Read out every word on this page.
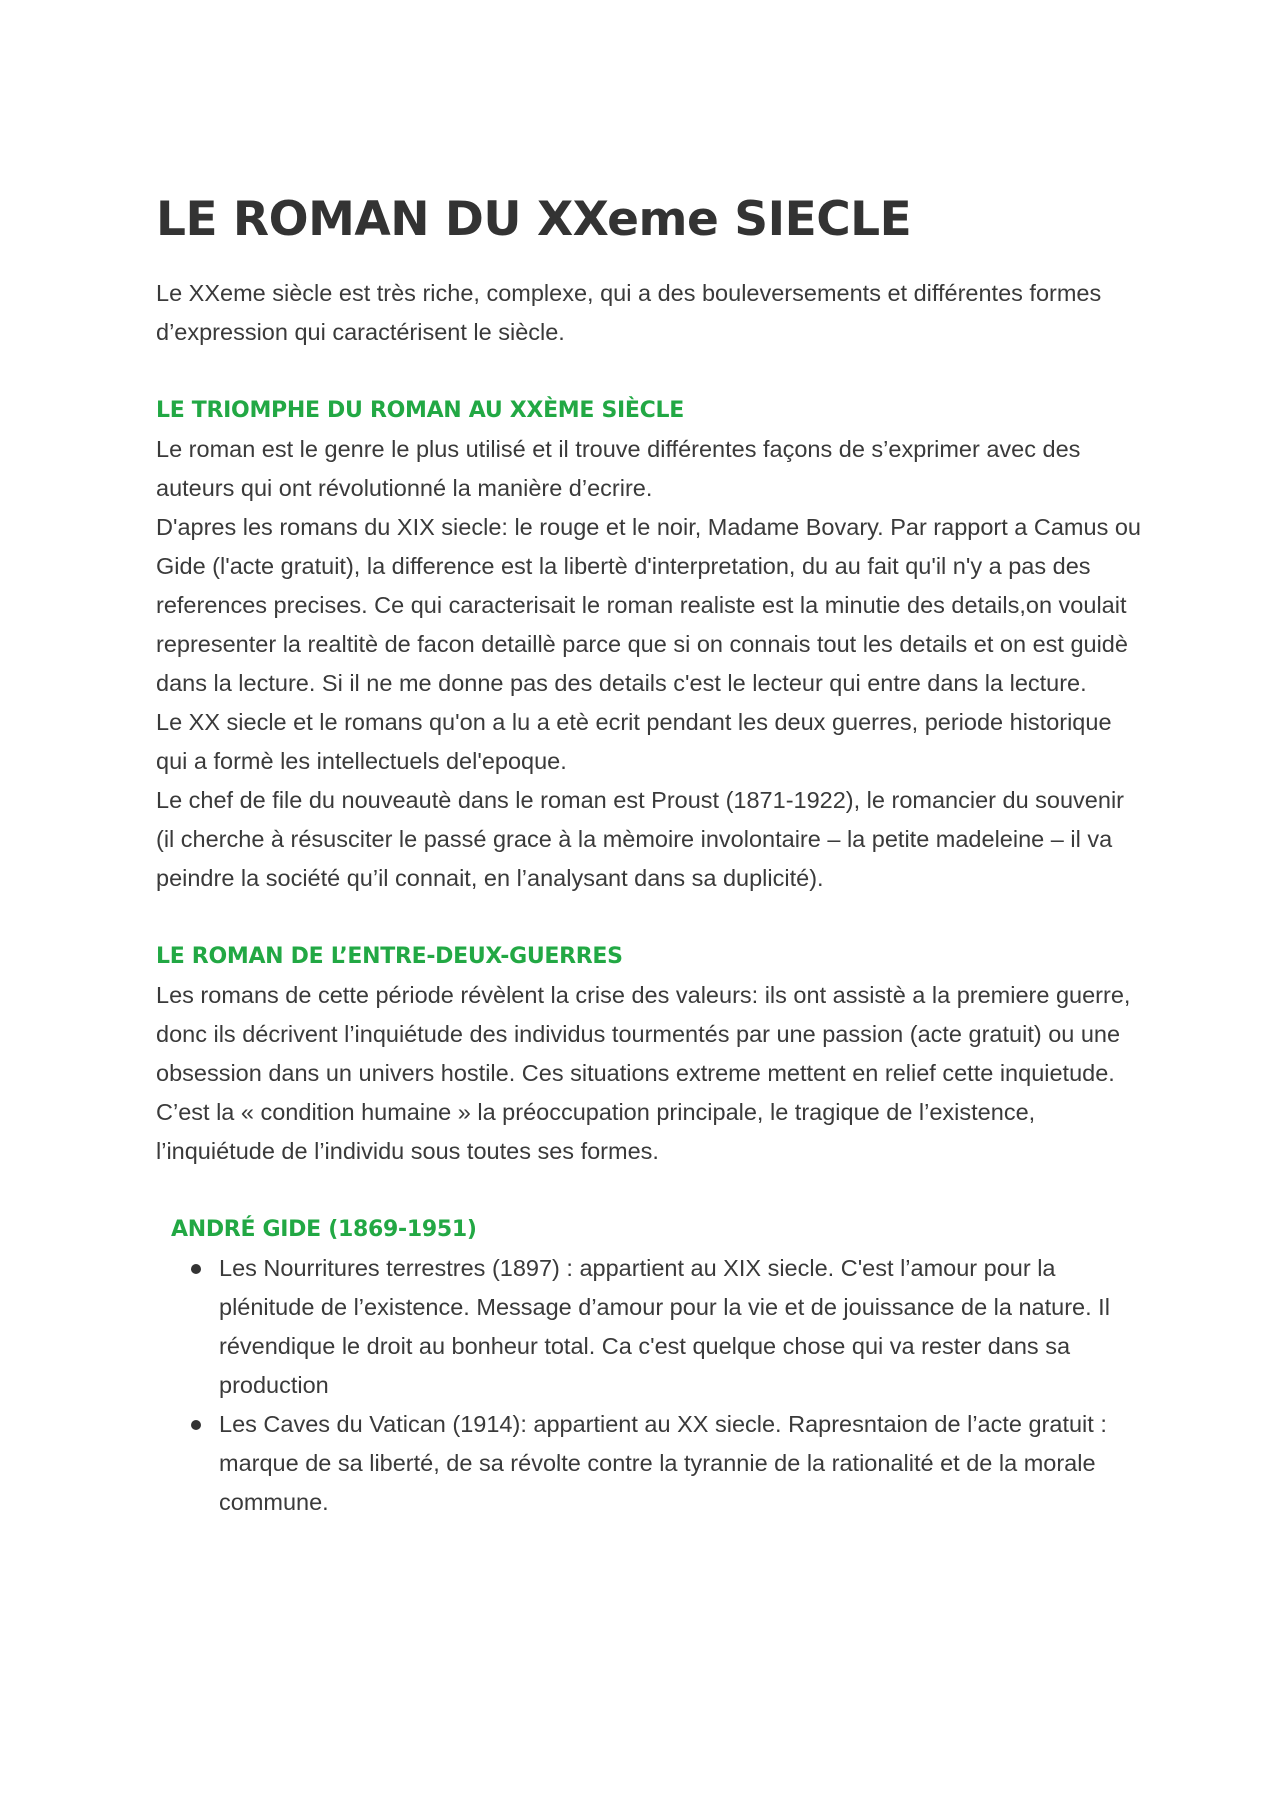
LE ROMAN DU XXeme SIECLE

Le XXeme siècle est très riche, complexe, qui a des bouleversements et différentes formes d’expression qui caractérisent le siècle.

LE TRIOMPHE DU ROMAN AU XXÈME SIÈCLE

Le roman est le genre le plus utilisé et il trouve différentes façons de s’exprimer avec des auteurs qui ont révolutionné la manière d’ecrire.

D'apres les romans du XIX siecle: le rouge et le noir, Madame Bovary. Par rapport a Camus ou Gide (l'acte gratuit), la difference est la libertè d'interpretation, du au fait qu'il n'y a pas des references precises. Ce qui caracterisait le roman realiste est la minutie des details,on voulait representer la realtitè de facon detaillè parce que si on connais tout les details et on est guidè dans la lecture. Si il ne me donne pas des details c'est le lecteur qui entre dans la lecture.

Le XX siecle et le romans qu'on a lu a etè ecrit pendant les deux guerres, periode historique qui a formè les intellectuels del'epoque.

Le chef de file du nouveautè dans le roman est Proust (1871-1922), le romancier du souvenir (il cherche à résusciter le passé grace à la mèmoire involontaire – la petite madeleine – il va peindre la société qu’il connait, en l’analysant dans sa duplicité).

LE ROMAN DE L’ENTRE-DEUX-GUERRES

Les romans de cette période révèlent la crise des valeurs: ils ont assistè a la premiere guerre, donc ils décrivent l’inquiétude des individus tourmentés par une passion (acte gratuit) ou une obsession dans un univers hostile. Ces situations extreme mettent en relief cette inquietude.

C’est la « condition humaine » la préoccupation principale, le tragique de l’existence, l’inquiétude de l’individu sous toutes ses formes.

ANDRÉ GIDE (1869-1951)
Les Nourritures terrestres (1897) : appartient au XIX siecle. C'est l’amour pour la plénitude de l’existence. Message d’amour pour la vie et de jouissance de la nature. Il révendique le droit au bonheur total. Ca c'est quelque chose qui va rester dans sa production
Les Caves du Vatican (1914): appartient au XX siecle. Rapresntaion de l’acte gratuit : marque de sa liberté, de sa révolte contre la tyrannie de la rationalité et de la morale commune.
